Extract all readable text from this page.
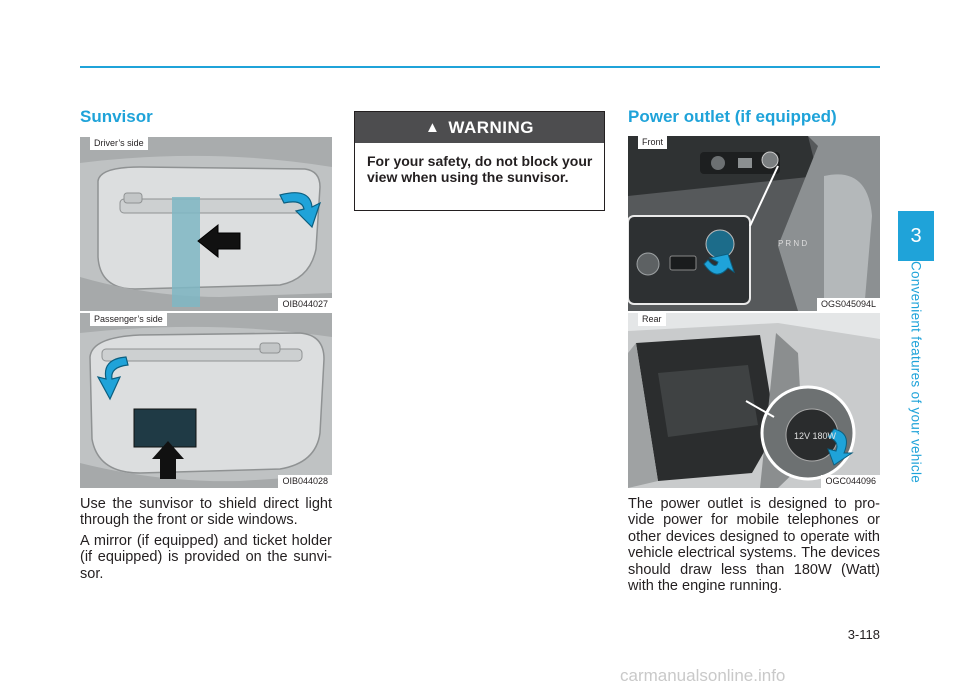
Sunvisor
Driver’s side
OIB044027
Passenger’s side
OIB044028

Use the sunvisor to shield direct light through the front or side windows.

A mirror (if equipped) and ticket holder (if equipped) is provided on the sunvi-sor.

▲ WARNING

For your safety, do not block your view when using the sunvisor.

Power outlet (if equipped)
P R N D
Front
OGS045094L
12V 180W
Rear
OGC044096

The power outlet is designed to pro-vide power for mobile telephones or other devices designed to operate with vehicle electrical systems. The devices should draw less than 180W (Watt) with the engine running.

3
Convenient features of your vehicle
3-118
carmanualsonline.info
